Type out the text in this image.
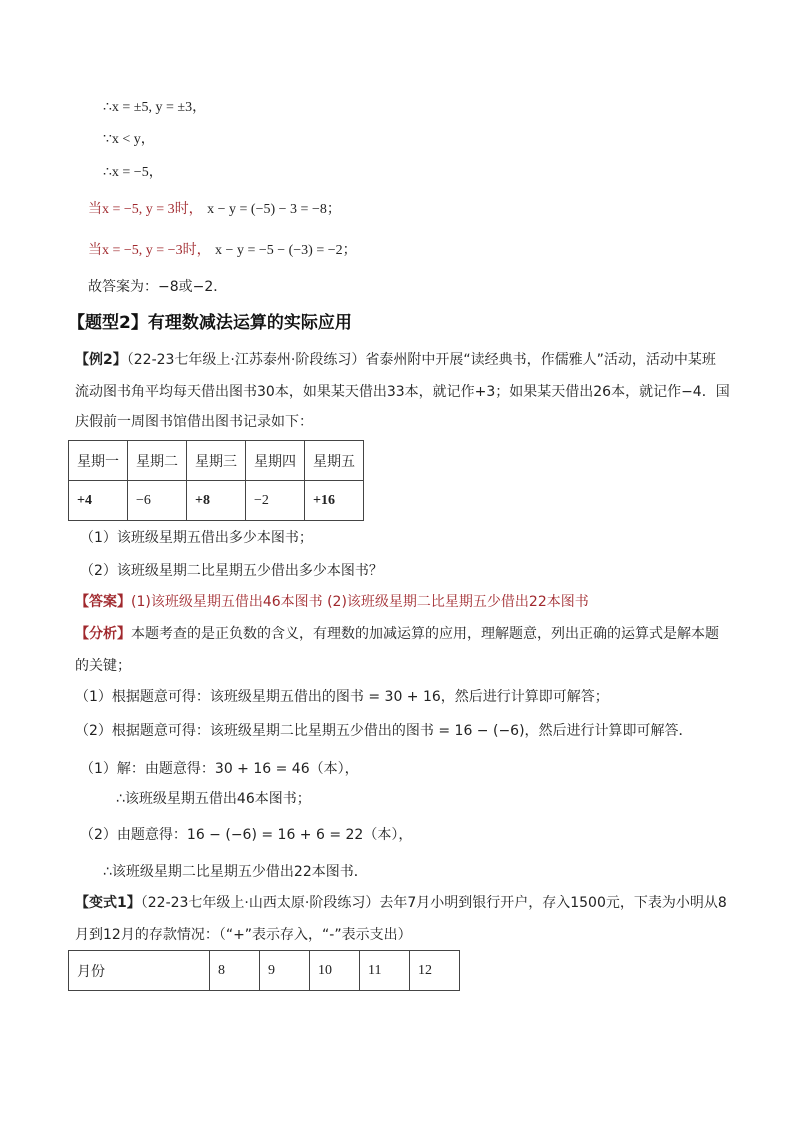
∴x = ±5, y = ±3，
∵x < y，
∴x = −5，
当x = −5, y = 3时， x − y = (−5) − 3 = −8；
当x = −5, y = −3时， x − y = −5 − (−3) = −2；
故答案为：−8或−2．
【题型2】有理数减法运算的实际应用
【例2】（22-23七年级上·江苏泰州·阶段练习）省泰州附中开展“读经典书，作儒雅人”活动，活动中某班
流动图书角平均每天借出图书30本，如果某天借出33本，就记作+3；如果某天借出26本，就记作−4．国
庆假前一周图书馆借出图书记录如下：
星期一	星期二	星期三	星期四	星期五
+4	−6	+8	−2	+16
（1）该班级星期五借出多少本图书；
（2）该班级星期二比星期五少借出多少本图书？
【答案】(1)该班级星期五借出46本图书 (2)该班级星期二比星期五少借出22本图书
【分析】本题考查的是正负数的含义，有理数的加减运算的应用，理解题意，列出正确的运算式是解本题
的关键；
（1）根据题意可得：该班级星期五借出的图书 = 30 + 16，然后进行计算即可解答；
（2）根据题意可得：该班级星期二比星期五少借出的图书 = 16 − (−6)，然后进行计算即可解答．
（1）解：由题意得：30 + 16 = 46（本），
∴该班级星期五借出46本图书；
（2）由题意得：16 − (−6) = 16 + 6 = 22（本），
∴该班级星期二比星期五少借出22本图书．
【变式1】（22-23七年级上·山西太原·阶段练习）去年7月小明到银行开户，存入1500元，下表为小明从8
月到12月的存款情况：（“+”表示存入，“-”表示支出）
月份	8	9	10	11	12
